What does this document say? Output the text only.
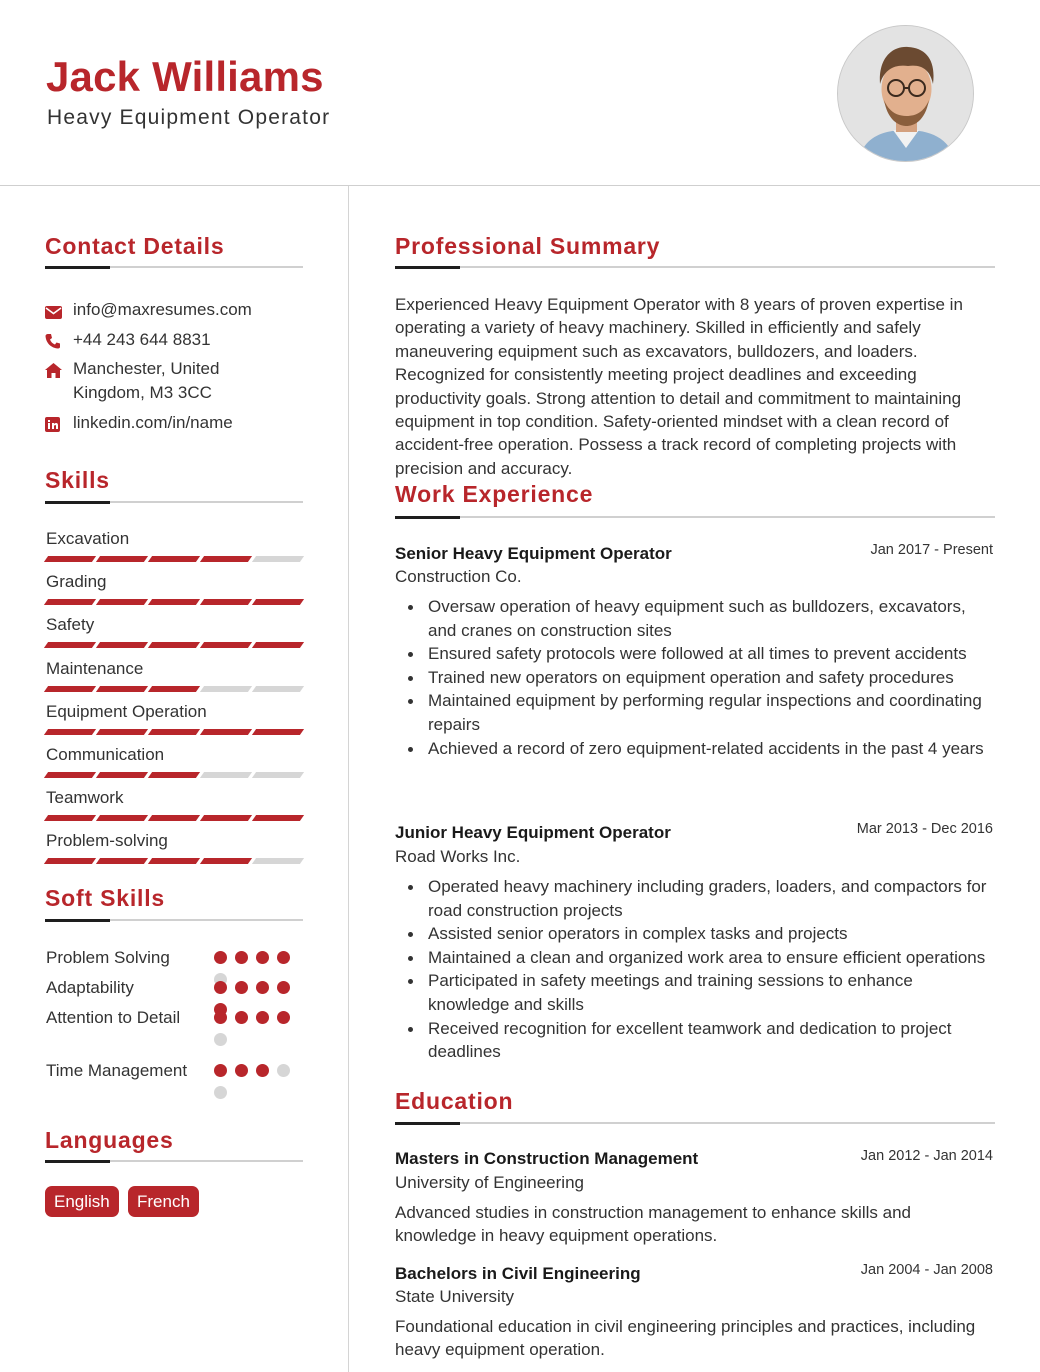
Jack Williams
Heavy Equipment Operator
Contact Details
info@maxresumes.com
+44 243 644 8831
Manchester, United
Kingdom, M3 3CC
linkedin.com/in/name
Skills
Excavation
Grading
Safety
Maintenance
Equipment Operation
Communication
Teamwork
Problem-solving
Soft Skills
Problem Solving
Adaptability
Attention to Detail
Time Management
Languages
English	French
Professional Summary
Experienced Heavy Equipment Operator with 8 years of proven expertise in operating a variety of heavy machinery. Skilled in efficiently and safely maneuvering equipment such as excavators, bulldozers, and loaders. Recognized for consistently meeting project deadlines and exceeding productivity goals. Strong attention to detail and commitment to maintaining equipment in top condition. Safety-oriented mindset with a clean record of accident-free operation. Possess a track record of completing projects with precision and accuracy.
Work Experience
Senior Heavy Equipment Operator	Jan 2017 - Present
Construction Co.
Oversaw operation of heavy equipment such as bulldozers, excavators, and cranes on construction sites
Ensured safety protocols were followed at all times to prevent accidents
Trained new operators on equipment operation and safety procedures
Maintained equipment by performing regular inspections and coordinating repairs
Achieved a record of zero equipment-related accidents in the past 4 years
Junior Heavy Equipment Operator	Mar 2013 - Dec 2016
Road Works Inc.
Operated heavy machinery including graders, loaders, and compactors for road construction projects
Assisted senior operators in complex tasks and projects
Maintained a clean and organized work area to ensure efficient operations
Participated in safety meetings and training sessions to enhance knowledge and skills
Received recognition for excellent teamwork and dedication to project deadlines
Education
Masters in Construction Management	Jan 2012 - Jan 2014
University of Engineering
Advanced studies in construction management to enhance skills and knowledge in heavy equipment operations.
Bachelors in Civil Engineering	Jan 2004 - Jan 2008
State University
Foundational education in civil engineering principles and practices, including heavy equipment operation.
